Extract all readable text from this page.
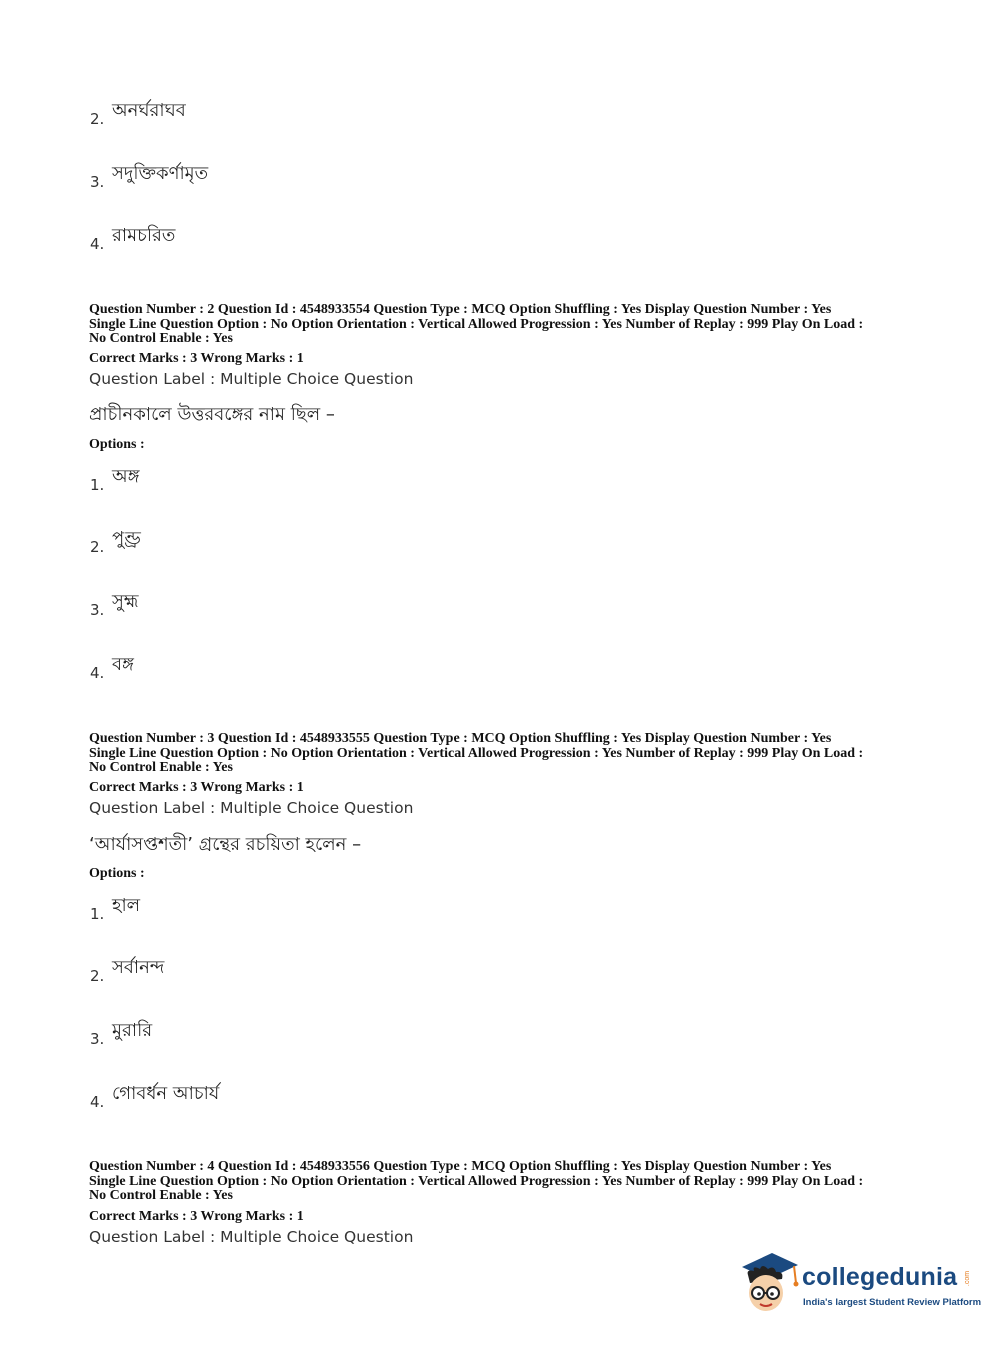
2. অনর্ঘরাঘব
3. সদুক্তিকর্ণামৃত
4. রামচরিত
Question Number : 2 Question Id : 4548933554 Question Type : MCQ Option Shuffling : Yes Display Question Number : Yes
Single Line Question Option : No Option Orientation : Vertical Allowed Progression : Yes Number of Replay : 999 Play On Load :
No Control Enable : Yes
Correct Marks : 3 Wrong Marks : 1
Question Label : Multiple Choice Question
প্রাচীনকালে উত্তরবঙ্গের নাম ছিল –
Options :
1. অঙ্গ
2. পুণ্ড্র
3. সুহ্ম
4. বঙ্গ
Question Number : 3 Question Id : 4548933555 Question Type : MCQ Option Shuffling : Yes Display Question Number : Yes
Single Line Question Option : No Option Orientation : Vertical Allowed Progression : Yes Number of Replay : 999 Play On Load :
No Control Enable : Yes
Correct Marks : 3 Wrong Marks : 1
Question Label : Multiple Choice Question
‘আর্যাসপ্তশতী’ গ্রন্থের রচয়িতা হলেন –
Options :
1. হাল
2. সর্বানন্দ
3. মুরারি
4. গোবর্ধন আচার্য
Question Number : 4 Question Id : 4548933556 Question Type : MCQ Option Shuffling : Yes Display Question Number : Yes
Single Line Question Option : No Option Orientation : Vertical Allowed Progression : Yes Number of Replay : 999 Play On Load :
No Control Enable : Yes
Correct Marks : 3 Wrong Marks : 1
Question Label : Multiple Choice Question
collegedunia .com
India's largest Student Review Platform
